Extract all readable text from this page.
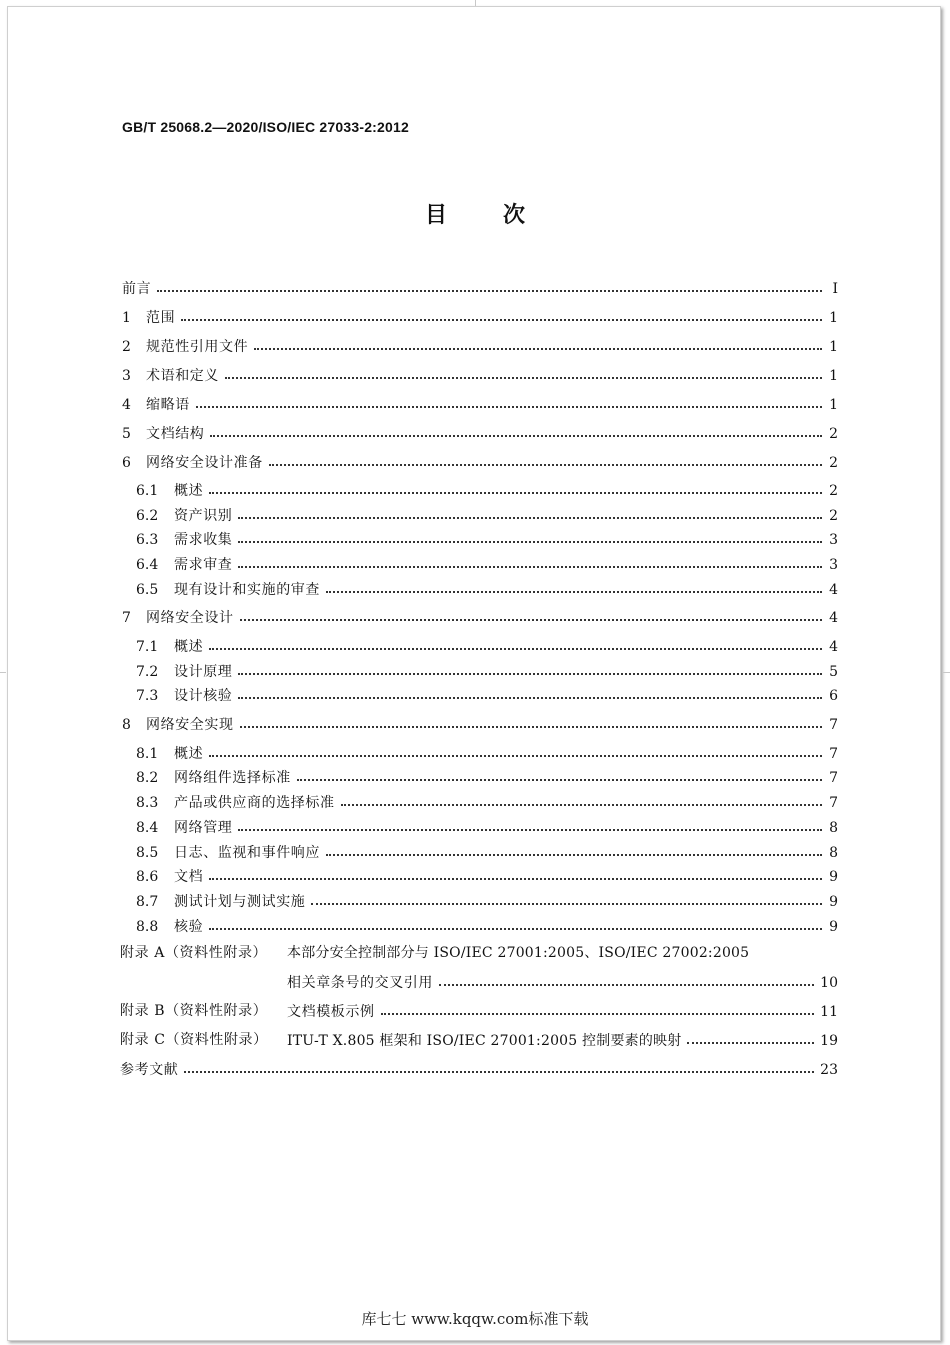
GB/T 25068.2—2020/ISO/IEC 27033-2:2012
目	次
前言	I
1	范围	1
2	规范性引用文件	1
3	术语和定义	1
4	缩略语	1
5	文档结构	2
6	网络安全设计准备	2
6.1	概述	2
6.2	资产识别	2
6.3	需求收集	3
6.4	需求审查	3
6.5	现有设计和实施的审查	4
7	网络安全设计	4
7.1	概述	4
7.2	设计原理	5
7.3	设计核验	6
8	网络安全实现	7
8.1	概述	7
8.2	网络组件选择标准	7
8.3	产品或供应商的选择标准	7
8.4	网络管理	8
8.5	日志、监视和事件响应	8
8.6	文档	9
8.7	测试计划与测试实施	9
8.8	核验	9
附录 A（资料性附录） 本部分安全控制部分与 ISO/IEC 27001:2005、ISO/IEC 27002:2005
相关章条号的交叉引用	10
附录 B（资料性附录） 文档模板示例	11
附录 C（资料性附录） ITU-T X.805 框架和 ISO/IEC 27001:2005 控制要素的映射	19
参考文献	23
库七七 www.kqqw.com标准下载
